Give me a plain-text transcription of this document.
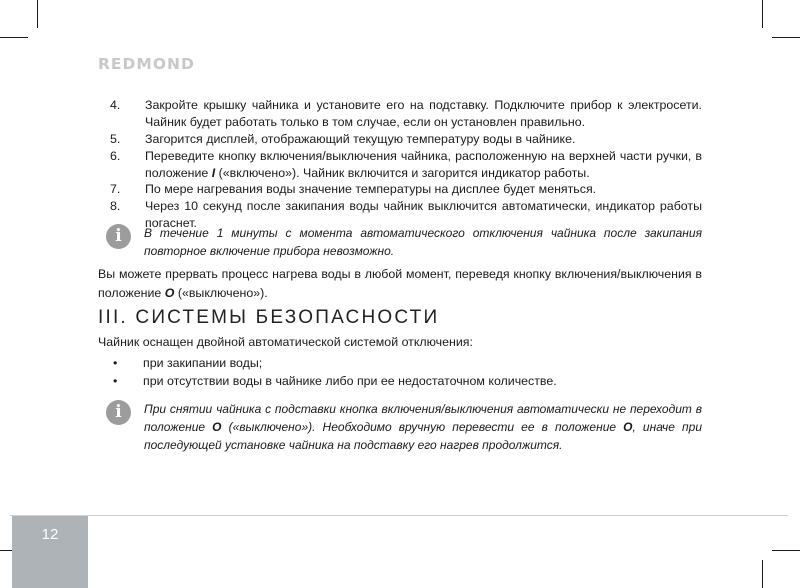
REDMOND
4. Закройте крышку чайника и установите его на подставку. Подключите прибор к электросети. Чайник будет работать только в том случае, если он установлен правильно.
5. Загорится дисплей, отображающий текущую температуру воды в чайнике.
6. Переведите кнопку включения/выключения чайника, расположенную на верхней части ручки, в положение I («включено»). Чайник включится и загорится индикатор работы.
7. По мере нагревания воды значение температуры на дисплее будет меняться.
8. Через 10 секунд после закипания воды чайник выключится автоматически, индикатор работы погаснет.
i	В течение 1 минуты с момента автоматического отключения чайника после закипания повторное включение прибора невозможно.
Вы можете прервать процесс нагрева воды в любой момент, переведя кнопку включения/выключения в положение O («выключено»).
III. СИСТЕМЫ БЕЗОПАСНОСТИ
Чайник оснащен двойной автоматической системой отключения:
• при закипании воды;
• при отсутствии воды в чайнике либо при ее недостаточном количестве.
i	При снятии чайника с подставки кнопка включения/выключения автоматически не переходит в положение О («выключено»). Необходимо вручную перевести ее в положение О, иначе при последующей установке чайника на подставку его нагрев продолжится.
12
